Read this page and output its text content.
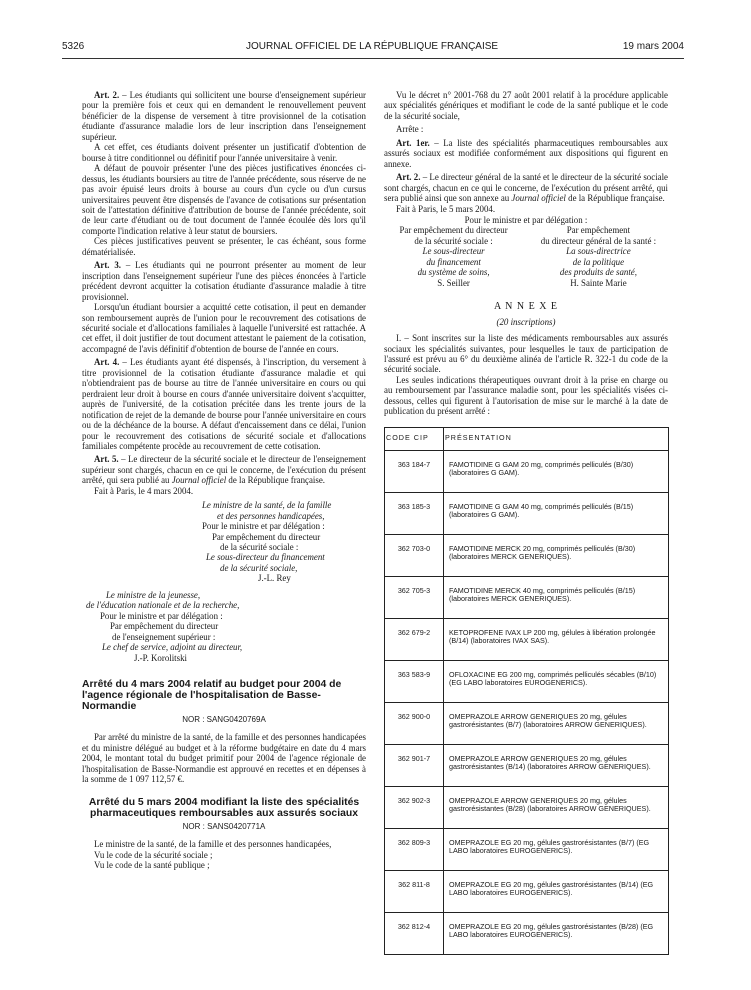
5326	JOURNAL OFFICIEL DE LA RÉPUBLIQUE FRANÇAISE	19 mars 2004

Art. 2. – Les étudiants qui sollicitent une bourse d'enseignement supérieur pour la première fois et ceux qui en demandent le renouvellement peuvent bénéficier de la dispense de versement à titre provisionnel de la cotisation étudiante d'assurance maladie lors de leur inscription dans l'enseignement supérieur.

A cet effet, ces étudiants doivent présenter un justificatif d'obtention de bourse à titre conditionnel ou définitif pour l'année universitaire à venir.

A défaut de pouvoir présenter l'une des pièces justificatives énoncées ci-dessus, les étudiants boursiers au titre de l'année précédente, sous réserve de ne pas avoir épuisé leurs droits à bourse au cours d'un cycle ou d'un cursus universitaires peuvent être dispensés de l'avance de cotisations sur présentation soit de l'attestation définitive d'attribution de bourse de l'année précédente, soit de leur carte d'étudiant ou de tout document de l'année écoulée dès lors qu'il comporte l'indication relative à leur statut de boursiers.

Ces pièces justificatives peuvent se présenter, le cas échéant, sous forme dématérialisée.

Art. 3. – Les étudiants qui ne pourront présenter au moment de leur inscription dans l'enseignement supérieur l'une des pièces énoncées à l'article précédent devront acquitter la cotisation étudiante d'assurance maladie à titre provisionnel.

Lorsqu'un étudiant boursier a acquitté cette cotisation, il peut en demander son remboursement auprès de l'union pour le recouvrement des cotisations de sécurité sociale et d'allocations familiales à laquelle l'université est rattachée. A cet effet, il doit justifier de tout document attestant le paiement de la cotisation, accompagné de l'avis définitif d'obtention de bourse de l'année en cours.

Art. 4. – Les étudiants ayant été dispensés, à l'inscription, du versement à titre provisionnel de la cotisation étudiante d'assurance maladie et qui n'obtiendraient pas de bourse au titre de l'année universitaire en cours ou qui perdraient leur droit à bourse en cours d'année universitaire doivent s'acquitter, auprès de l'université, de la cotisation précitée dans les trente jours de la notification de rejet de la demande de bourse pour l'année universitaire en cours ou de la déchéance de la bourse. A défaut d'encaissement dans ce délai, l'union pour le recouvrement des cotisations de sécurité sociale et d'allocations familiales compétente procède au recouvrement de cette cotisation.

Art. 5. – Le directeur de la sécurité sociale et le directeur de l'enseignement supérieur sont chargés, chacun en ce qui le concerne, de l'exécution du présent arrêté, qui sera publié au Journal officiel de la République française.

Fait à Paris, le 4 mars 2004.

Le ministre de la santé, de la famille
et des personnes handicapées,
Pour le ministre et par délégation :
Par empêchement du directeur
de la sécurité sociale :
Le sous-directeur du financement
de la sécurité sociale,
J.-L. Rey
Le ministre de la jeunesse,
de l'éducation nationale et de la recherche,
Pour le ministre et par délégation :
Par empêchement du directeur
de l'enseignement supérieur :
Le chef de service, adjoint au directeur,
J.-P. Korolitski
Arrêté du 4 mars 2004 relatif au budget pour 2004 de l'agence régionale de l'hospitalisation de Basse-Normandie
NOR : SANG0420769A

Par arrêté du ministre de la santé, de la famille et des personnes handicapées et du ministre délégué au budget et à la réforme budgétaire en date du 4 mars 2004, le montant total du budget primitif pour 2004 de l'agence régionale de l'hospitalisation de Basse-Normandie est approuvé en recettes et en dépenses à la somme de 1 097 112,57 €.

Arrêté du 5 mars 2004 modifiant la liste des spécialités pharmaceutiques remboursables aux assurés sociaux
NOR : SANS0420771A

Le ministre de la santé, de la famille et des personnes handicapées,

Vu le code de la sécurité sociale ;

Vu le code de la santé publique ;

Vu le décret n° 2001-768 du 27 août 2001 relatif à la procédure applicable aux spécialités génériques et modifiant le code de la santé publique et le code de la sécurité sociale,

Arrête :

Art. 1er. – La liste des spécialités pharmaceutiques remboursables aux assurés sociaux est modifiée conformément aux dispositions qui figurent en annexe.

Art. 2. – Le directeur général de la santé et le directeur de la sécurité sociale sont chargés, chacun en ce qui le concerne, de l'exécution du présent arrêté, qui sera publié ainsi que son annexe au Journal officiel de la République française.

Fait à Paris, le 5 mars 2004.

Pour le ministre et par délégation :
Par empêchement du directeur
de la sécurité sociale :
Le sous-directeur
du financement
du système de soins,
S. Seiller
Par empêchement
du directeur général de la santé :
La sous-directrice
de la politique
des produits de santé,
H. Sainte Marie
A N N E X E
(20 inscriptions)

I. – Sont inscrites sur la liste des médicaments remboursables aux assurés sociaux les spécialités suivantes, pour lesquelles le taux de participation de l'assuré est prévu au 6° du deuxième alinéa de l'article R. 322-1 du code de la sécurité sociale.

Les seules indications thérapeutiques ouvrant droit à la prise en charge ou au remboursement par l'assurance maladie sont, pour les spécialités visées ci-dessous, celles qui figurent à l'autorisation de mise sur le marché à la date de publication du présent arrêté :

CODE CIP	PRÉSENTATION
363 184-7	FAMOTIDINE G GAM 20 mg, comprimés pelliculés (B/30) (laboratoires G GAM).
363 185-3	FAMOTIDINE G GAM 40 mg, comprimés pelliculés (B/15) (laboratoires G GAM).
362 703-0	FAMOTIDINE MERCK 20 mg, comprimés pelliculés (B/30) (laboratoires MERCK GENERIQUES).
362 705-3	FAMOTIDINE MERCK 40 mg, comprimés pelliculés (B/15) (laboratoires MERCK GENERIQUES).
362 679-2	KETOPROFENE IVAX LP 200 mg, gélules à libération prolongée (B/14) (laboratoires IVAX SAS).
363 583-9	OFLOXACINE EG 200 mg, comprimés pelliculés sécables (B/10) (EG LABO laboratoires EUROGENERICS).
362 900-0	OMEPRAZOLE ARROW GENERIQUES 20 mg, gélules gastrorésistantes (B/7) (laboratoires ARROW GENERIQUES).
362 901-7	OMEPRAZOLE ARROW GENERIQUES 20 mg, gélules gastrorésistantes (B/14) (laboratoires ARROW GENERIQUES).
362 902-3	OMEPRAZOLE ARROW GENERIQUES 20 mg, gélules gastrorésistantes (B/28) (laboratoires ARROW GENERIQUES).
362 809-3	OMEPRAZOLE EG 20 mg, gélules gastrorésistantes (B/7) (EG LABO laboratoires EUROGENERICS).
362 811-8	OMEPRAZOLE EG 20 mg, gélules gastrorésistantes (B/14) (EG LABO laboratoires EUROGENERICS).
362 812-4	OMEPRAZOLE EG 20 mg, gélules gastrorésistantes (B/28) (EG LABO laboratoires EUROGENERICS).
